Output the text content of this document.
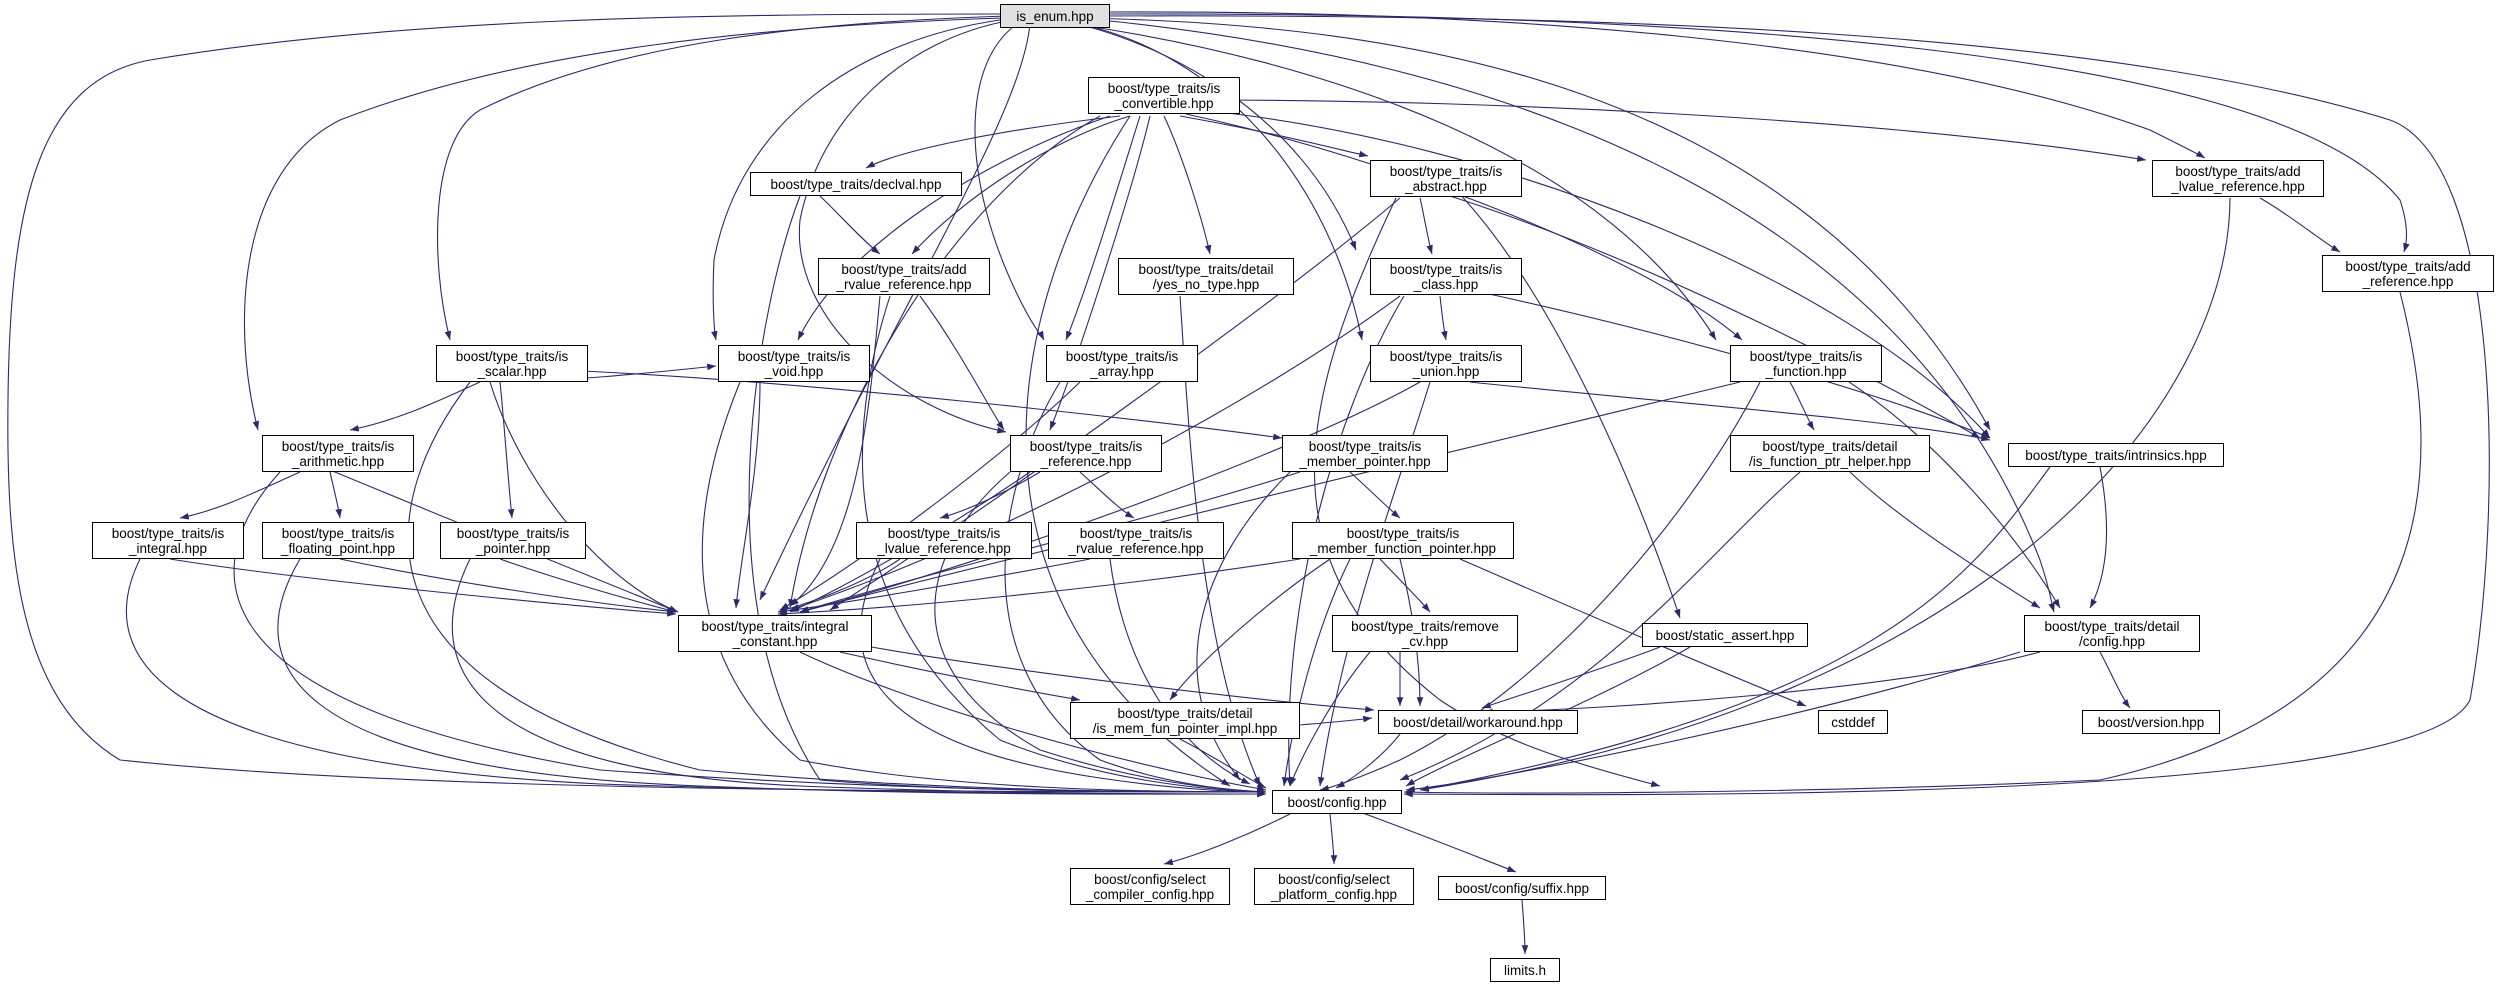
is_enum.hpp
boost/type_traits/is
_convertible.hpp
boost/type_traits/add
_lvalue_reference.hpp
boost/type_traits/declval.hpp
boost/type_traits/is
_abstract.hpp
boost/type_traits/add
_reference.hpp
boost/type_traits/add
_rvalue_reference.hpp
boost/type_traits/detail
/yes_no_type.hpp
boost/type_traits/is
_class.hpp
boost/type_traits/is
_scalar.hpp
boost/type_traits/is
_void.hpp
boost/type_traits/is
_array.hpp
boost/type_traits/is
_union.hpp
boost/type_traits/is
_function.hpp
boost/type_traits/is
_arithmetic.hpp
boost/type_traits/is
_reference.hpp
boost/type_traits/is
_member_pointer.hpp
boost/type_traits/detail
/is_function_ptr_helper.hpp	boost/type_traits/intrinsics.hpp
boost/type_traits/is
_integral.hpp
boost/type_traits/is
_floating_point.hpp
boost/type_traits/is
_pointer.hpp
boost/type_traits/is
_lvalue_reference.hpp
boost/type_traits/is
_rvalue_reference.hpp
boost/type_traits/is
_member_function_pointer.hpp
boost/type_traits/integral
_constant.hpp
boost/type_traits/remove
_cv.hpp	boost/static_assert.hpp
boost/type_traits/detail
/config.hpp
boost/type_traits/detail
/is_mem_fun_pointer_impl.hpp	boost/detail/workaround.hpp	cstddef	boost/version.hpp
boost/config.hpp
boost/config/select
_compiler_config.hpp
boost/config/select
_platform_config.hpp	boost/config/suffix.hpp
limits.h
